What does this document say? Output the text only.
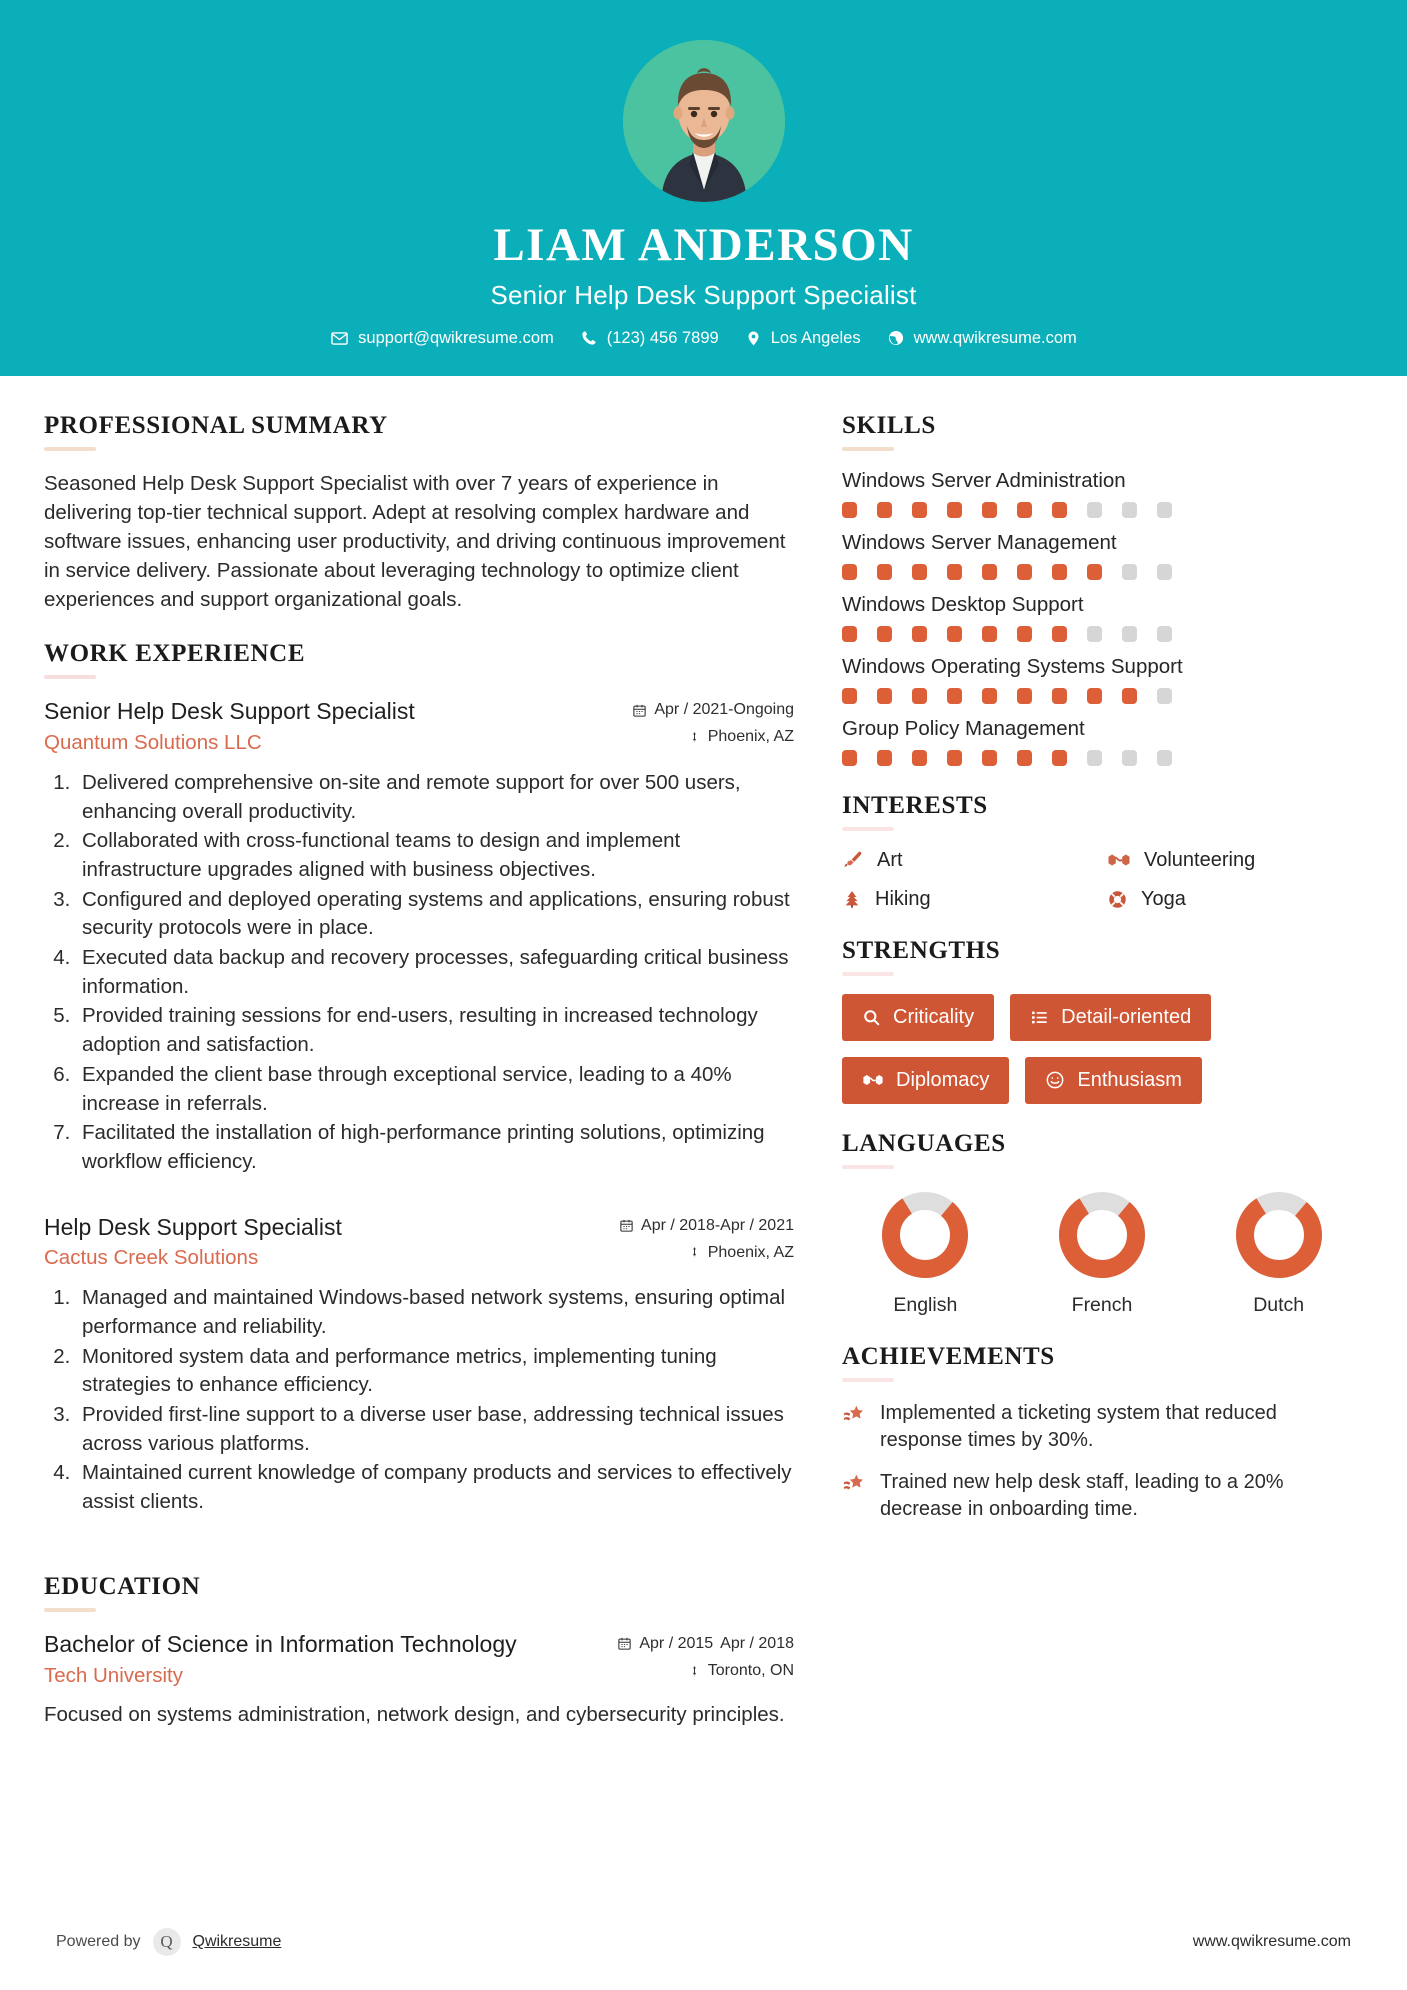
LIAM ANDERSON
Senior Help Desk Support Specialist
support@qwikresume.com	(123) 456 7899	Los Angeles	www.qwikresume.com
PROFESSIONAL SUMMARY
Seasoned Help Desk Support Specialist with over 7 years of experience in delivering top-tier technical support. Adept at resolving complex hardware and software issues, enhancing user productivity, and driving continuous improvement in service delivery. Passionate about leveraging technology to optimize client experiences and support organizational goals.
WORK EXPERIENCE
Senior Help Desk Support Specialist
Quantum Solutions LLC
Apr / 2021-Ongoing
Phoenix, AZ
1. Delivered comprehensive on-site and remote support for over 500 users, enhancing overall productivity.
2. Collaborated with cross-functional teams to design and implement infrastructure upgrades aligned with business objectives.
3. Configured and deployed operating systems and applications, ensuring robust security protocols were in place.
4. Executed data backup and recovery processes, safeguarding critical business information.
5. Provided training sessions for end-users, resulting in increased technology adoption and satisfaction.
6. Expanded the client base through exceptional service, leading to a 40% increase in referrals.
7. Facilitated the installation of high-performance printing solutions, optimizing workflow efficiency.
Help Desk Support Specialist
Cactus Creek Solutions
Apr / 2018-Apr / 2021
Phoenix, AZ
1. Managed and maintained Windows-based network systems, ensuring optimal performance and reliability.
2. Monitored system data and performance metrics, implementing tuning strategies to enhance efficiency.
3. Provided first-line support to a diverse user base, addressing technical issues across various platforms.
4. Maintained current knowledge of company products and services to effectively assist clients.
EDUCATION
Bachelor of Science in Information Technology
Tech University
Apr / 2015 Apr / 2018
Toronto, ON
Focused on systems administration, network design, and cybersecurity principles.
SKILLS
Windows Server Administration
Windows Server Management
Windows Desktop Support
Windows Operating Systems Support
Group Policy Management
INTERESTS
Art	Volunteering
Hiking	Yoga
STRENGTHS
Criticality	Detail-oriented
Diplomacy	Enthusiasm
LANGUAGES
English	French	Dutch
ACHIEVEMENTS
Implemented a ticketing system that reduced response times by 30%.
Trained new help desk staff, leading to a 20% decrease in onboarding time.
Powered by	Q	Qwikresume	www.qwikresume.com
